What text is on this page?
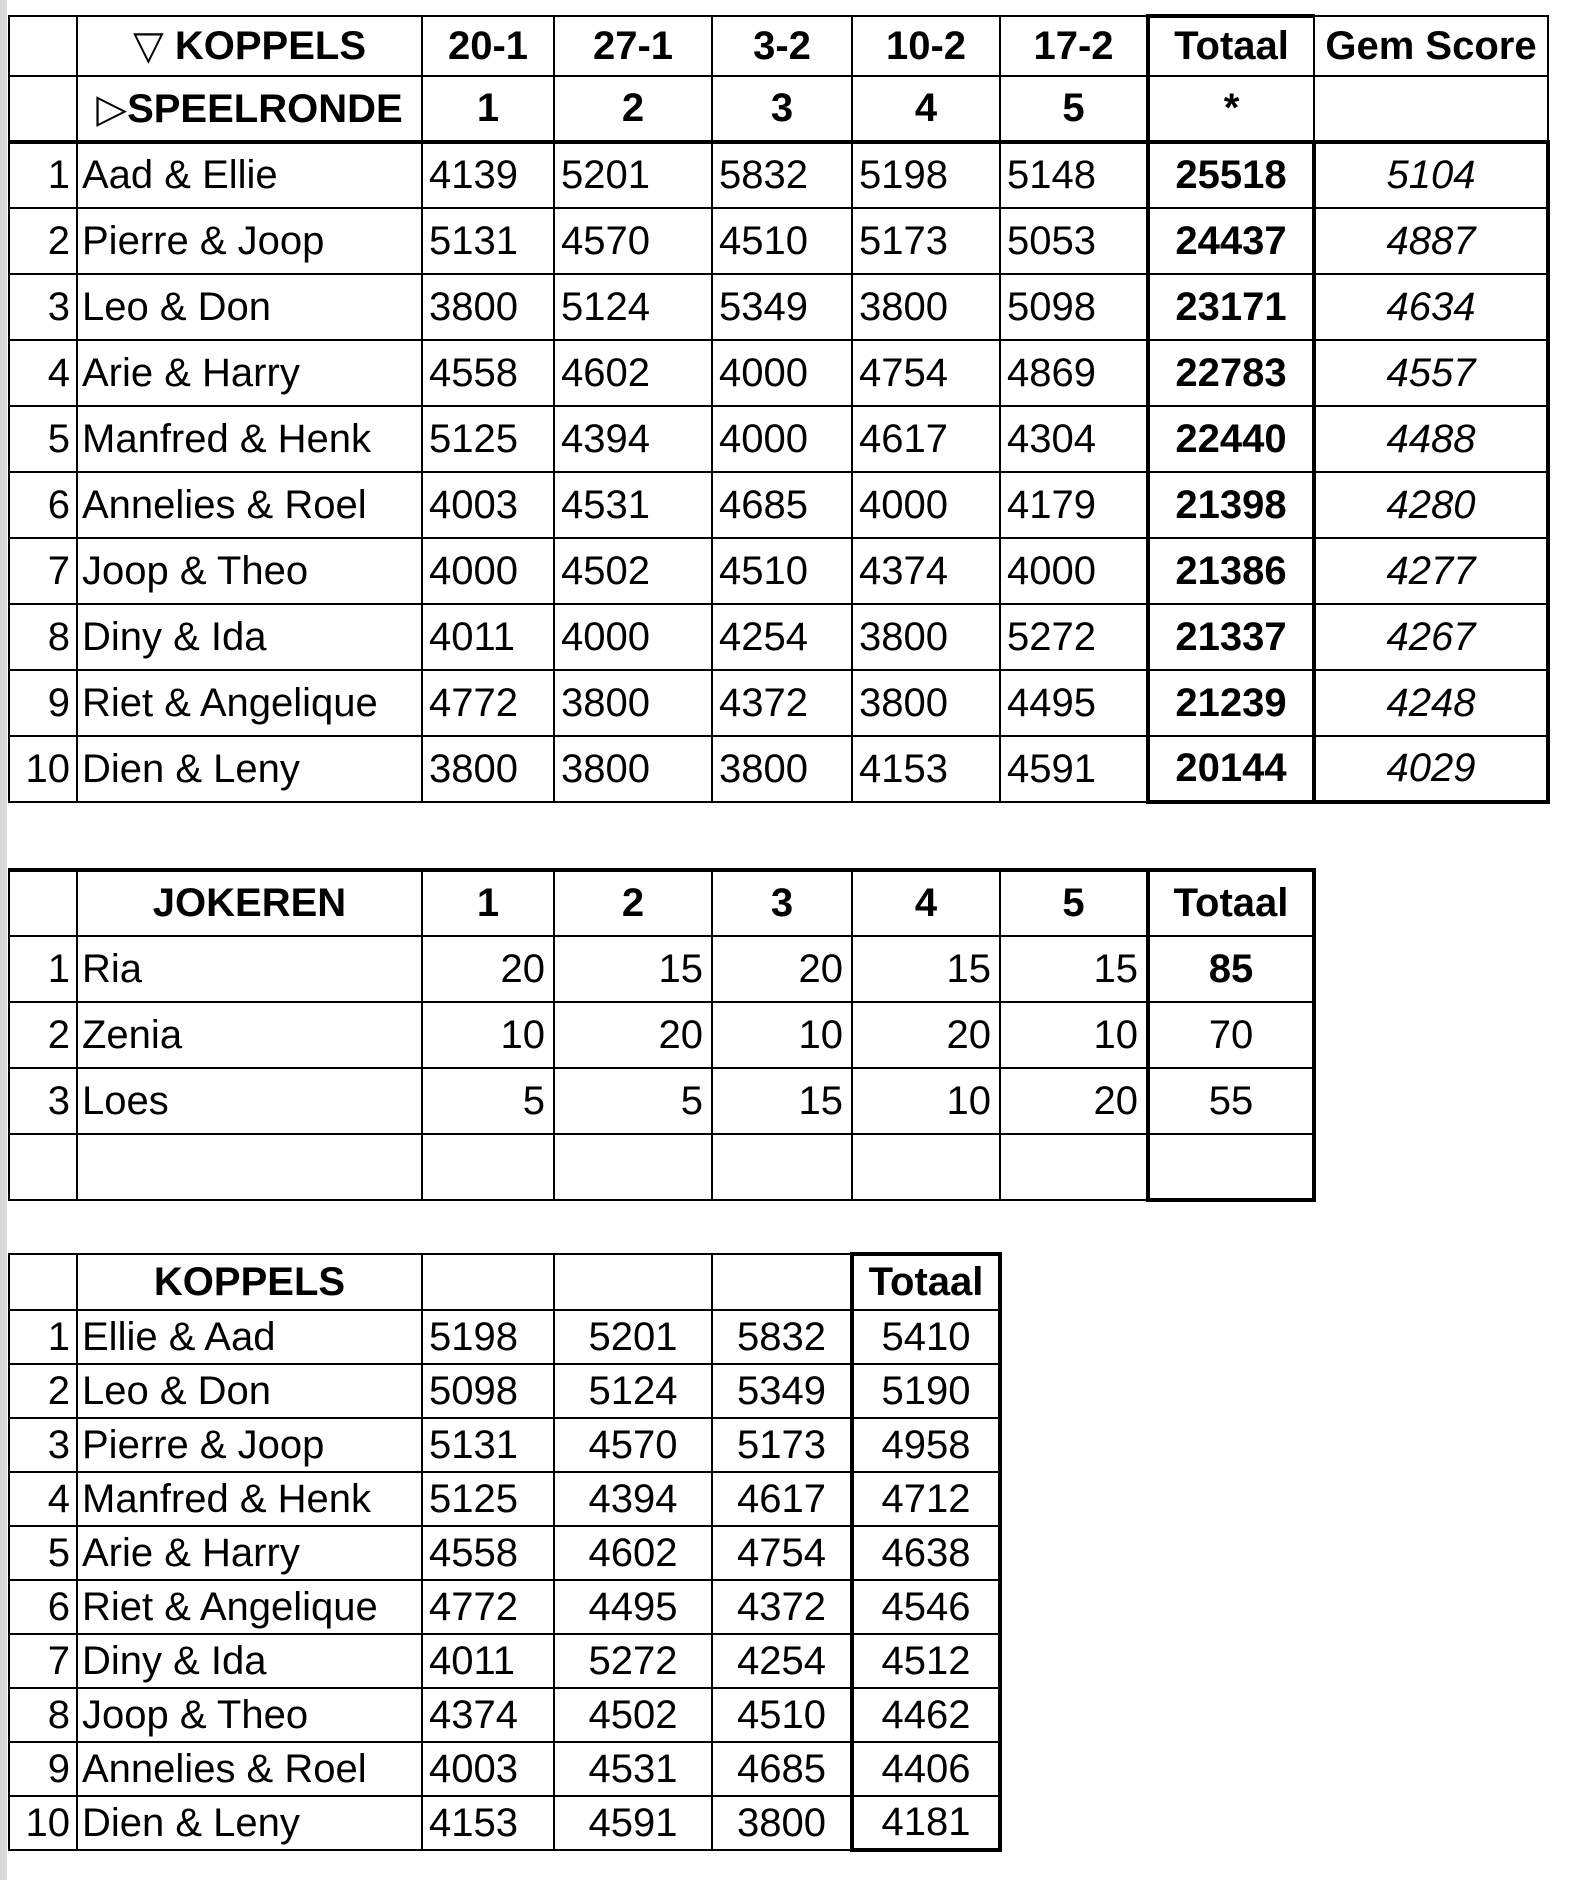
	▽ KOPPELS	20-1	27-1	3-2	10-2	17-2	Totaal	Gem Score
	▷SPEELRONDE	1	2	3	4	5	*	
1	Aad & Ellie	4139	5201	5832	5198	5148	25518	5104
2	Pierre & Joop	5131	4570	4510	5173	5053	24437	4887
3	Leo & Don	3800	5124	5349	3800	5098	23171	4634
4	Arie & Harry	4558	4602	4000	4754	4869	22783	4557
5	Manfred & Henk	5125	4394	4000	4617	4304	22440	4488
6	Annelies & Roel	4003	4531	4685	4000	4179	21398	4280
7	Joop & Theo	4000	4502	4510	4374	4000	21386	4277
8	Diny & Ida	4011	4000	4254	3800	5272	21337	4267
9	Riet & Angelique	4772	3800	4372	3800	4495	21239	4248
10	Dien & Leny	3800	3800	3800	4153	4591	20144	4029
	JOKEREN	1	2	3	4	5	Totaal
1	Ria	20	15	20	15	15	85
2	Zenia	10	20	10	20	10	70
3	Loes	5	5	15	10	20	55

	KOPPELS				Totaal
1	Ellie & Aad	5198	5201	5832	5410
2	Leo & Don	5098	5124	5349	5190
3	Pierre & Joop	5131	4570	5173	4958
4	Manfred & Henk	5125	4394	4617	4712
5	Arie & Harry	4558	4602	4754	4638
6	Riet & Angelique	4772	4495	4372	4546
7	Diny & Ida	4011	5272	4254	4512
8	Joop & Theo	4374	4502	4510	4462
9	Annelies & Roel	4003	4531	4685	4406
10	Dien & Leny	4153	4591	3800	4181
